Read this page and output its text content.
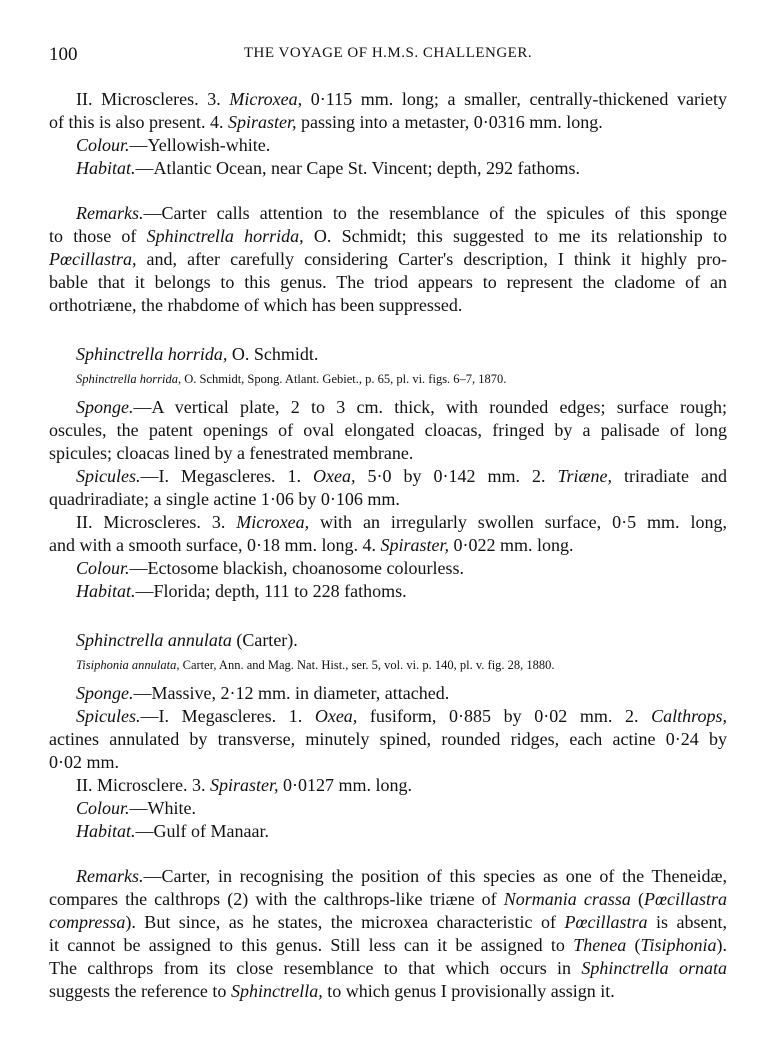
100	THE VOYAGE OF H.M.S. CHALLENGER.

II. Microscleres. 3. Microxea, 0·115 mm. long; a smaller, centrally-thickened variety

of this is also present. 4. Spiraster, passing into a metaster, 0·0316 mm. long.

Colour.—Yellowish-white.

Habitat.—Atlantic Ocean, near Cape St. Vincent; depth, 292 fathoms.

Remarks.—Carter calls attention to the resemblance of the spicules of this sponge

to those of Sphinctrella horrida, O. Schmidt; this suggested to me its relationship to

Pœcillastra, and, after carefully considering Carter's description, I think it highly pro-

bable that it belongs to this genus. The triod appears to represent the cladome of an

orthotriæne, the rhabdome of which has been suppressed.

Sphinctrella horrida, O. Schmidt.

Sphinctrella horrida, O. Schmidt, Spong. Atlant. Gebiet., p. 65, pl. vi. figs. 6–7, 1870.

Sponge.—A vertical plate, 2 to 3 cm. thick, with rounded edges; surface rough;

oscules, the patent openings of oval elongated cloacas, fringed by a palisade of long

spicules; cloacas lined by a fenestrated membrane.

Spicules.—I. Megascleres. 1. Oxea, 5·0 by 0·142 mm. 2. Triæne, triradiate and

quadriradiate; a single actine 1·06 by 0·106 mm.

II. Microscleres. 3. Microxea, with an irregularly swollen surface, 0·5 mm. long,

and with a smooth surface, 0·18 mm. long. 4. Spiraster, 0·022 mm. long.

Colour.—Ectosome blackish, choanosome colourless.

Habitat.—Florida; depth, 111 to 228 fathoms.

Sphinctrella annulata (Carter).

Tisiphonia annulata, Carter, Ann. and Mag. Nat. Hist., ser. 5, vol. vi. p. 140, pl. v. fig. 28, 1880.

Sponge.—Massive, 2·12 mm. in diameter, attached.

Spicules.—I. Megascleres. 1. Oxea, fusiform, 0·885 by 0·02 mm. 2. Calthrops,

actines annulated by transverse, minutely spined, rounded ridges, each actine 0·24 by

0·02 mm.

II. Microsclere. 3. Spiraster, 0·0127 mm. long.

Colour.—White.

Habitat.—Gulf of Manaar.

Remarks.—Carter, in recognising the position of this species as one of the Theneidæ,

compares the calthrops (2) with the calthrops-like triæne of Normania crassa (Pœcillastra

compressa). But since, as he states, the microxea characteristic of Pœcillastra is absent,

it cannot be assigned to this genus. Still less can it be assigned to Thenea (Tisiphonia).

The calthrops from its close resemblance to that which occurs in Sphinctrella ornata

suggests the reference to Sphinctrella, to which genus I provisionally assign it.
